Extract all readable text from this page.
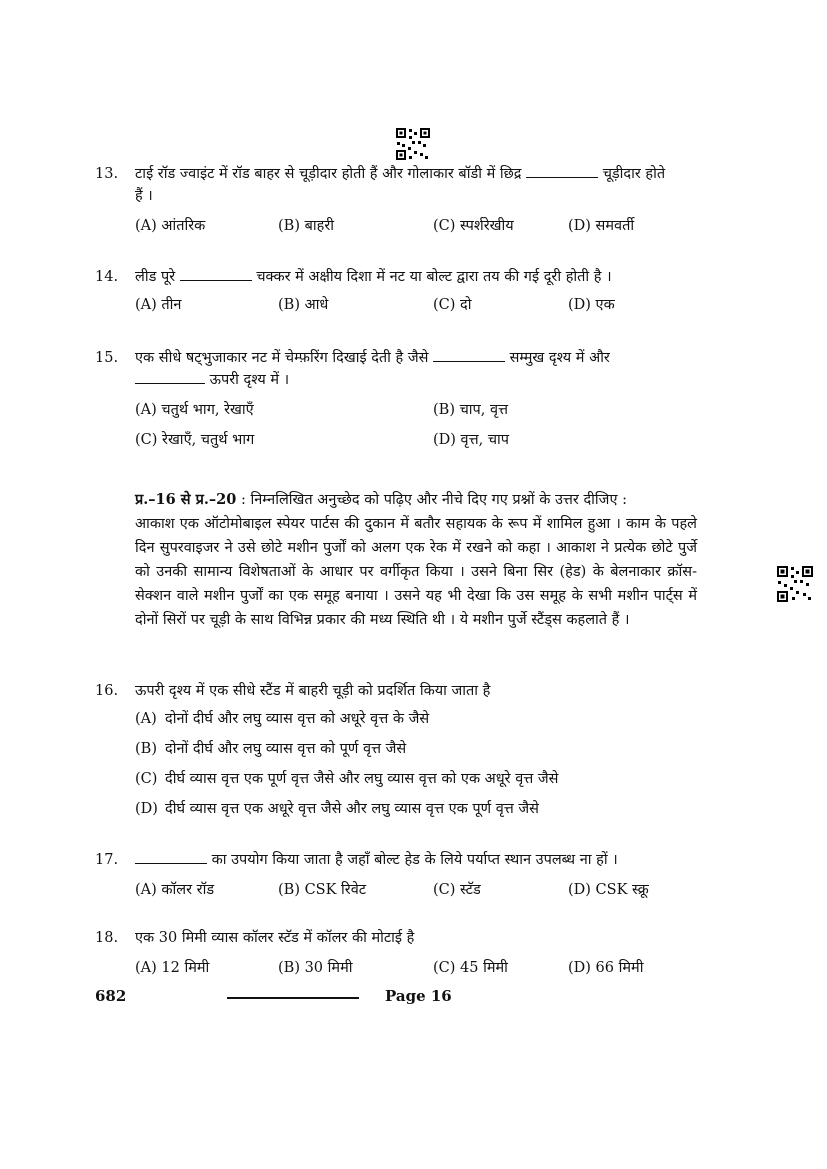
13. टाई रॉड ज्वाइंट में रॉड बाहर से चूड़ीदार होती हैं और गोलाकार बॉडी में छिद्र	चूड़ीदार होते
हैं ।
(A) आंतरिक	(B) बाहरी	(C) स्पर्शरेखीय	(D) समवर्ती
14. लीड पूरे	चक्कर में अक्षीय दिशा में नट या बोल्ट द्वारा तय की गई दूरी होती है ।
(A) तीन	(B) आधे	(C) दो	(D) एक
15. एक सीधे षट्भुजाकार नट में चेम्फ़रिंग दिखाई देती है जैसे	सम्मुख दृश्य में और
ऊपरी दृश्य में ।
(A) चतुर्थ भाग, रेखाएँ	(B) चाप, वृत्त
(C) रेखाएँ, चतुर्थ भाग	(D) वृत्त, चाप
प्र.–16 से प्र.–20 : निम्नलिखित अनुच्छेद को पढ़िए और नीचे दिए गए प्रश्नों के उत्तर दीजिए :
आकाश एक ऑटोमोबाइल स्पेयर पार्टस की दुकान में बतौर सहायक के रूप में शामिल हुआ । काम के पहले दिन सुपरवाइजर ने उसे छोटे मशीन पुर्जों को अलग एक रेक में रखने को कहा । आकाश ने प्रत्येक छोटे पुर्जे को उनकी सामान्य विशेषताओं के आधार पर वर्गीकृत किया । उसने बिना सिर (हेड) के बेलनाकार क्रॉस-सेक्शन वाले मशीन पुर्जों का एक समूह बनाया । उसने यह भी देखा कि उस समूह के सभी मशीन पार्ट्स में दोनों सिरों पर चूड़ी के साथ विभिन्न प्रकार की मध्य स्थिति थी । ये मशीन पुर्जे स्टैंड्स कहलाते हैं ।
16. ऊपरी दृश्य में एक सीधे स्टैंड में बाहरी चूड़ी को प्रदर्शित किया जाता है
(A) दोनों दीर्घ और लघु व्यास वृत्त को अधूरे वृत्त के जैसे
(B) दोनों दीर्घ और लघु व्यास वृत्त को पूर्ण वृत्त जैसे
(C) दीर्घ व्यास वृत्त एक पूर्ण वृत्त जैसे और लघु व्यास वृत्त को एक अधूरे वृत्त जैसे
(D) दीर्घ व्यास वृत्त एक अधूरे वृत्त जैसे और लघु व्यास वृत्त एक पूर्ण वृत्त जैसे
17.	का उपयोग किया जाता है जहाँ बोल्ट हेड के लिये पर्याप्त स्थान उपलब्ध ना हों ।
(A) कॉलर रॉड	(B) CSK रिवेट	(C) स्टॅड	(D) CSK स्क्रू
18. एक 30 मिमी व्यास कॉलर स्टॅड में कॉलर की मोटाई है
(A) 12 मिमी	(B) 30 मिमी	(C) 45 मिमी	(D) 66 मिमी
682	Page 16
